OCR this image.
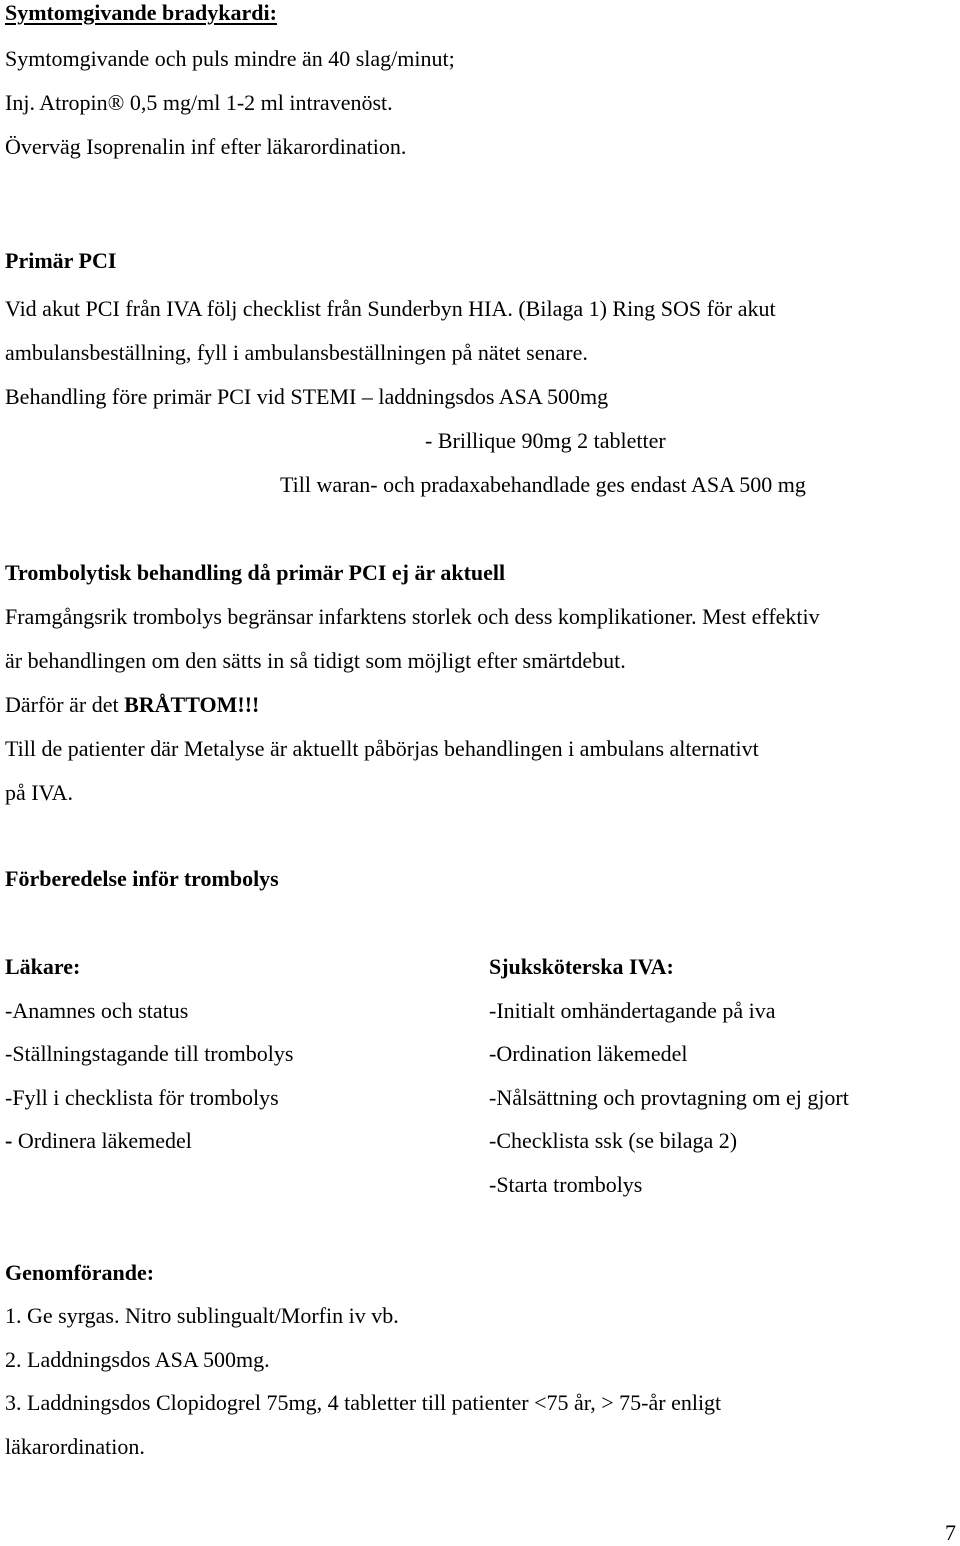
Symtomgivande bradykardi:
Symtomgivande och puls mindre än 40 slag/minut;
Inj. Atropin® 0,5 mg/ml 1-2 ml intravenöst.
Överväg Isoprenalin inf efter läkarordination.
Primär PCI
Vid akut PCI från IVA följ checklist från Sunderbyn HIA. (Bilaga 1) Ring SOS för akut
ambulansbeställning, fyll i ambulansbeställningen på nätet senare.
Behandling före primär PCI vid STEMI – laddningsdos ASA 500mg
- Brillique 90mg 2 tabletter
Till waran- och pradaxabehandlade ges endast ASA 500 mg
Trombolytisk behandling då primär PCI ej är aktuell
Framgångsrik trombolys begränsar infarktens storlek och dess komplikationer. Mest effektiv
är behandlingen om den sätts in så tidigt som möjligt efter smärtdebut.
Därför är det BRÅTTOM!!!
Till de patienter där Metalyse är aktuellt påbörjas behandlingen i ambulans alternativt
på IVA.
Förberedelse inför trombolys
Läkare:
-Anamnes och status
-Ställningstagande till trombolys
-Fyll i checklista för trombolys
- Ordinera läkemedel
Sjuksköterska IVA:
-Initialt omhändertagande på iva
-Ordination läkemedel
-Nålsättning och provtagning om ej gjort
-Checklista ssk (se bilaga 2)
-Starta trombolys
Genomförande:
1. Ge syrgas. Nitro sublingualt/Morfin iv vb.
2. Laddningsdos ASA 500mg.
3. Laddningsdos Clopidogrel 75mg, 4 tabletter till patienter <75 år, > 75-år enligt
läkarordination.
7
